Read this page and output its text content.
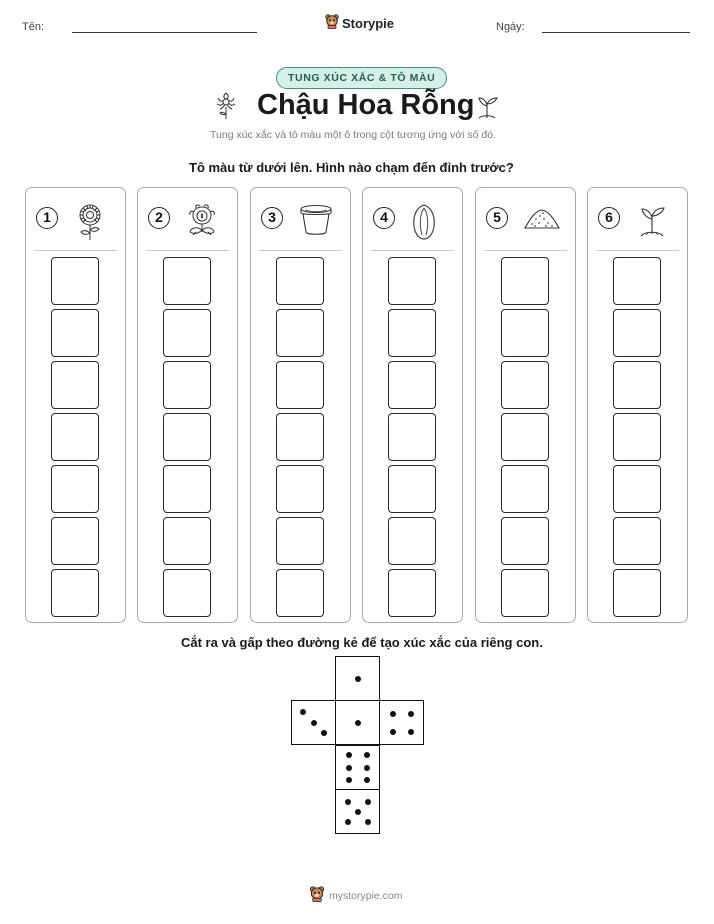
Tên:	Storypie	Ngày:
TUNG XÚC XẮC & TÔ MÀU
Chậu Hoa Rỗng
Tung xúc xắc và tô màu một ô trong cột tương ứng với số đó.
Tô màu từ dưới lên. Hình nào chạm đến đỉnh trước?
1	2	3	4	5	6
Cắt ra và gấp theo đường kẻ để tạo xúc xắc của riêng con.
mystorypie.com
